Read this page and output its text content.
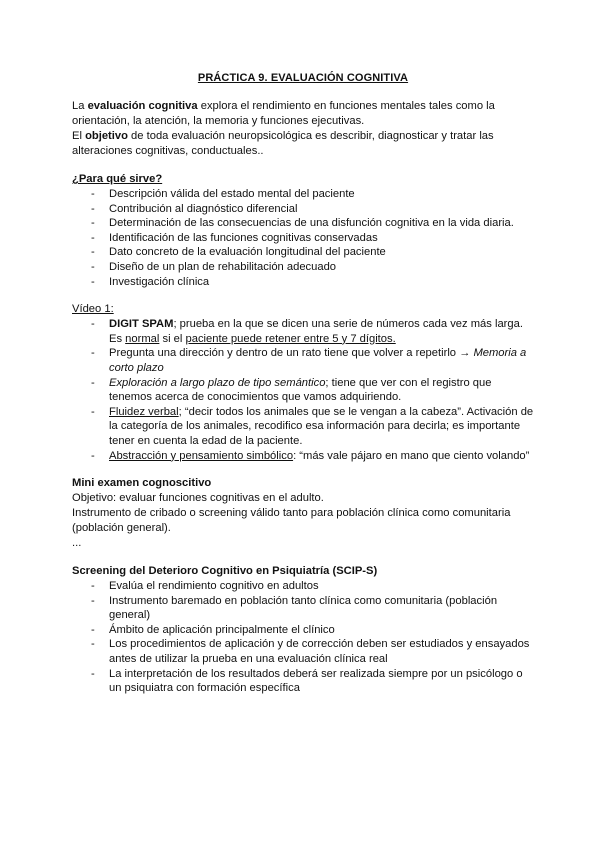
PRÁCTICA 9. EVALUACIÓN COGNITIVA

La evaluación cognitiva explora el rendimiento en funciones mentales tales como la orientación, la atención, la memoria y funciones ejecutivas.

El objetivo de toda evaluación neuropsicológica es describir, diagnosticar y tratar las alteraciones cognitivas, conductuales..

¿Para qué sirve?
- Descripción válida del estado mental del paciente
- Contribución al diagnóstico diferencial
- Determinación de las consecuencias de una disfunción cognitiva en la vida diaria.
- Identificación de las funciones cognitivas conservadas
- Dato concreto de la evaluación longitudinal del paciente
- Diseño de un plan de rehabilitación adecuado
- Investigación clínica
Vídeo 1:
- DIGIT SPAM; prueba en la que se dicen una serie de números cada vez más larga. Es normal si el paciente puede retener entre 5 y 7 dígitos.
- Pregunta una dirección y dentro de un rato tiene que volver a repetirlo → Memoria a corto plazo
- Exploración a largo plazo de tipo semántico; tiene que ver con el registro que tenemos acerca de conocimientos que vamos adquiriendo.
- Fluidez verbal; “decir todos los animales que se le vengan a la cabeza”. Activación de la categoría de los animales, recodifico esa información para decirla; es importante tener en cuenta la edad de la paciente.
- Abstracción y pensamiento simbólico: “más vale pájaro en mano que ciento volando”
Mini examen cognoscitivo

Objetivo: evaluar funciones cognitivas en el adulto.

Instrumento de cribado o screening válido tanto para población clínica como comunitaria (población general).

...

Screening del Deterioro Cognitivo en Psiquiatría (SCIP-S)
- Evalúa el rendimiento cognitivo en adultos
- Instrumento baremado en población tanto clínica como comunitaria (población general)
- Ámbito de aplicación principalmente el clínico
- Los procedimientos de aplicación y de corrección deben ser estudiados y ensayados antes de utilizar la prueba en una evaluación clínica real
- La interpretación de los resultados deberá ser realizada siempre por un psicólogo o un psiquiatra con formación específica
